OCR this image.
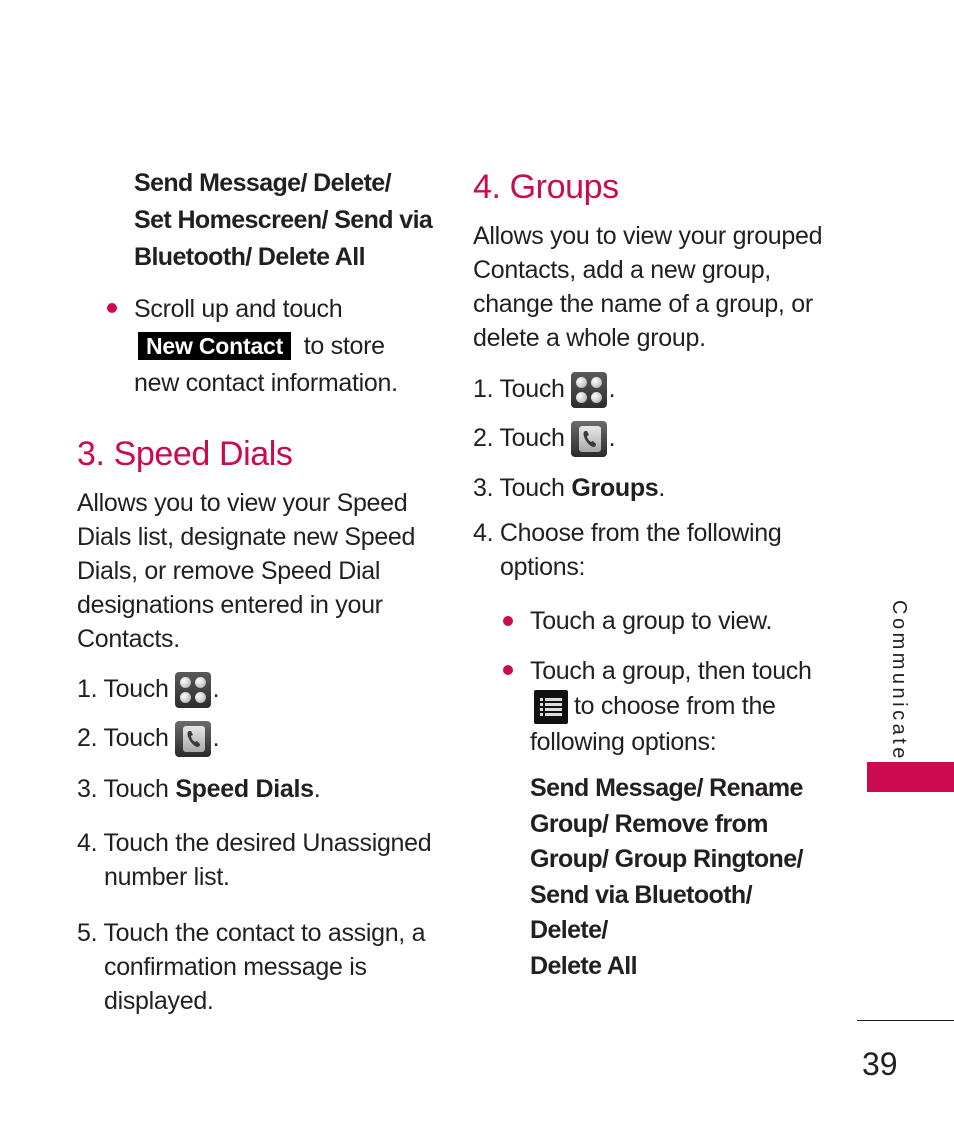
Send Message/ Delete/
Set Homescreen/ Send via
Bluetooth/ Delete All
Scroll up and touch
New Contact to store
new contact information.
3. Speed Dials
Allows you to view your Speed
Dials list, designate new Speed
Dials, or remove Speed Dial
designations entered in your
Contacts.
1. Touch .
2. Touch .
3. Touch Speed Dials.
4. Touch the desired Unassigned
number list.
5. Touch the contact to assign, a
confirmation message is
displayed.
4. Groups
Allows you to view your grouped
Contacts, add a new group,
change the name of a group, or
delete a whole group.
1. Touch .
2. Touch .
3. Touch Groups.
4. Choose from the following
options:
Touch a group to view.
Touch a group, then touch
to choose from the
following options:
Send Message/ Rename
Group/ Remove from
Group/ Group Ringtone/
Send via Bluetooth/ Delete/
Delete All
Communicate
39
